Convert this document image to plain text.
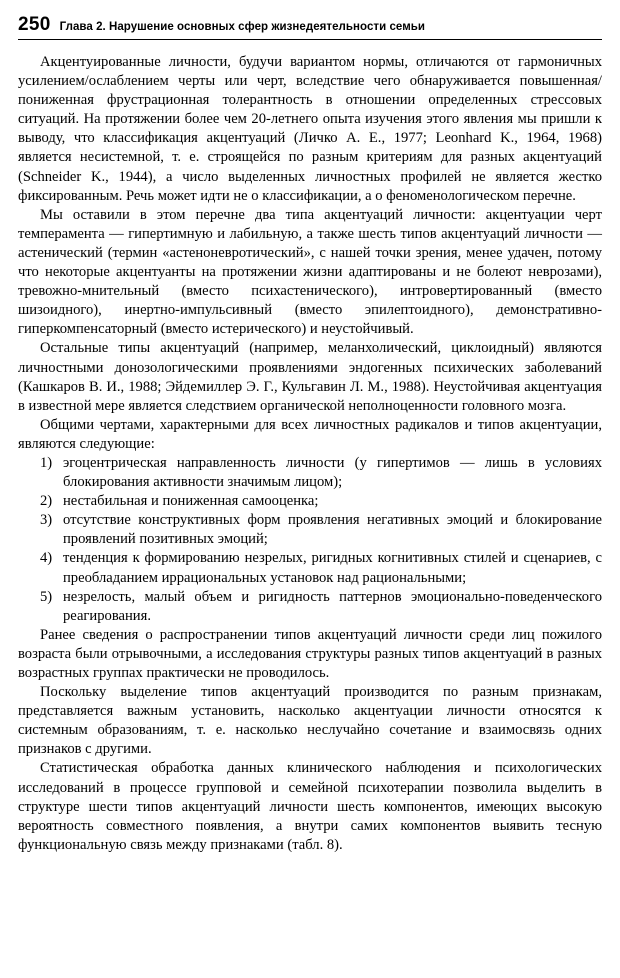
250 Глава 2. Нарушение основных сфер жизнедеятельности семьи

Акцентуированные личности, будучи вариантом нормы, отличаются от гармоничных усилением/ослаблением черты или черт, вследствие чего обнаруживается повышенная/пониженная фрустрационная толерантность в отношении определенных стрессовых ситуаций. На протяжении более чем 20-летнего опыта изучения этого явления мы пришли к выводу, что классификация акцентуаций (Личко А. Е., 1977; Leonhard K., 1964, 1968) является несистемной, т. е. строящейся по разным критериям для разных акцентуаций (Schneider K., 1944), а число выделенных личностных профилей не является жестко фиксированным. Речь может идти не о классификации, а о феноменологическом перечне.

Мы оставили в этом перечне два типа акцентуаций личности: акцентуации черт темперамента — гипертимную и лабильную, а также шесть типов акцентуаций личности — астенический (термин «астеноневротический», с нашей точки зрения, менее удачен, потому что некоторые акцентуанты на протяжении жизни адаптированы и не болеют неврозами), тревожно-мнительный (вместо психастенического), интровертированный (вместо шизоидного), инертно-импульсивный (вместо эпилептоидного), демонстративно-гиперкомпенсаторный (вместо истерического) и неустойчивый.

Остальные типы акцентуаций (например, меланхолический, циклоидный) являются личностными донозологическими проявлениями эндогенных психических заболеваний (Кашкаров В. И., 1988; Эйдемиллер Э. Г., Кульгавин Л. М., 1988). Неустойчивая акцентуация в известной мере является следствием органической неполноценности головного мозга.

Общими чертами, характерными для всех личностных радикалов и типов акцентуации, являются следующие:

1) эгоцентрическая направленность личности (у гипертимов — лишь в условиях блокирования активности значимым лицом);
2) нестабильная и пониженная самооценка;
3) отсутствие конструктивных форм проявления негативных эмоций и блокирование проявлений позитивных эмоций;
4) тенденция к формированию незрелых, ригидных когнитивных стилей и сценариев, с преобладанием иррациональных установок над рациональными;
5) незрелость, малый объем и ригидность паттернов эмоционально-поведенческого реагирования.

Ранее сведения о распространении типов акцентуаций личности среди лиц пожилого возраста были отрывочными, а исследования структуры разных типов акцентуаций в разных возрастных группах практически не проводилось.

Поскольку выделение типов акцентуаций производится по разным признакам, представляется важным установить, насколько акцентуации личности относятся к системным образованиям, т. е. насколько неслучайно сочетание и взаимосвязь одних признаков с другими.

Статистическая обработка данных клинического наблюдения и психологических исследований в процессе групповой и семейной психотерапии позволила выделить в структуре шести типов акцентуаций личности шесть компонентов, имеющих высокую вероятность совместного появления, а внутри самих компонентов выявить тесную функциональную связь между признаками (табл. 8).
